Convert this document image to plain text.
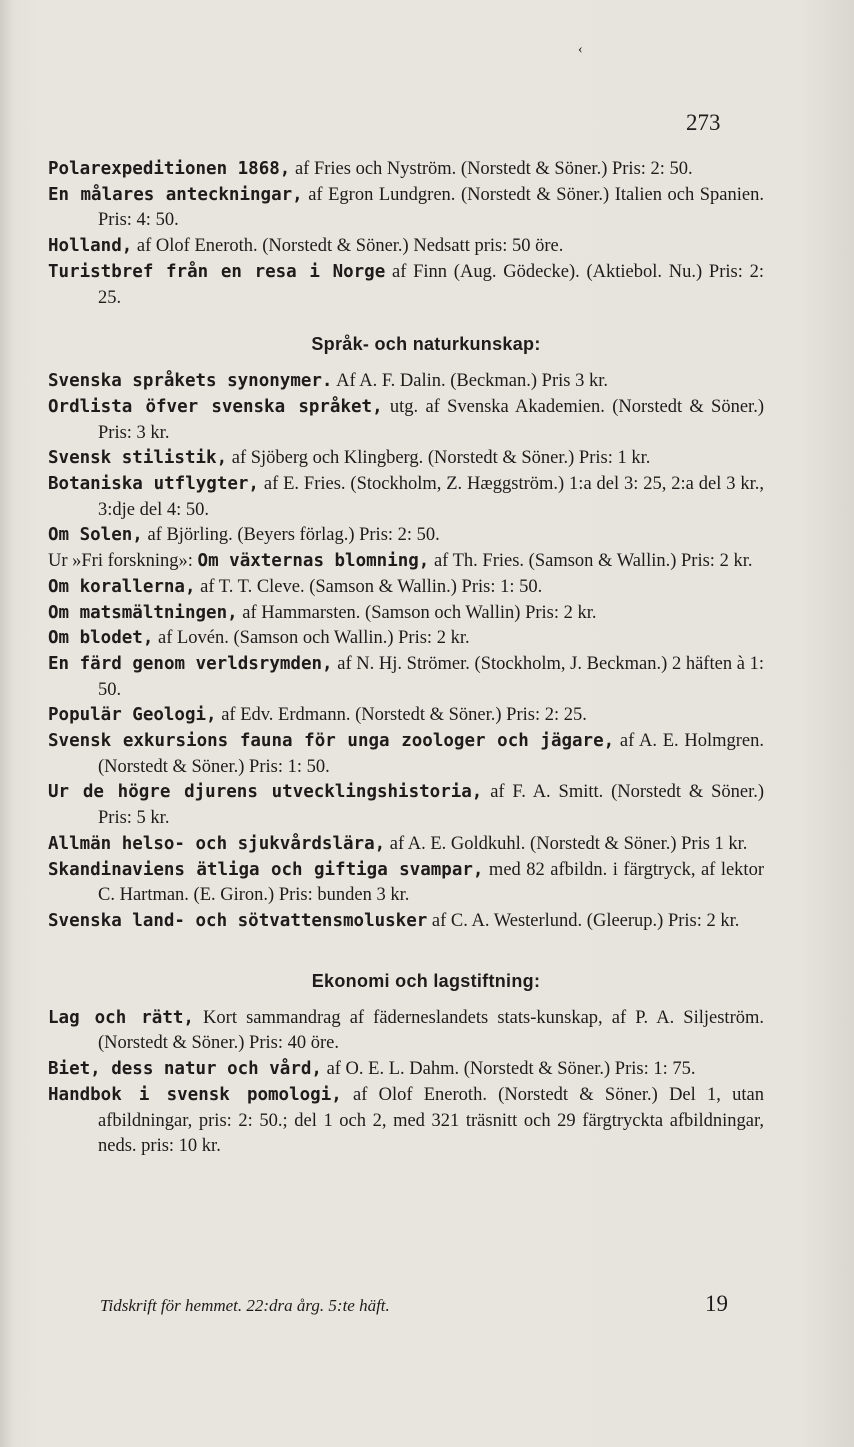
‹
273
Polarexpeditionen 1868, af Fries och Nyström. (Norstedt & Söner.) Pris: 2: 50.
En målares anteckningar, af Egron Lundgren. (Norstedt & Söner.) Italien och Spanien. Pris: 4: 50.
Holland, af Olof Eneroth. (Norstedt & Söner.) Nedsatt pris: 50 öre.
Turistbref från en resa i Norge af Finn (Aug. Gödecke). (Aktiebol. Nu.) Pris: 2: 25.
Språk- och naturkunskap:
Svenska språkets synonymer. Af A. F. Dalin. (Beckman.) Pris 3 kr.
Ordlista öfver svenska språket, utg. af Svenska Akademien. (Norstedt & Söner.) Pris: 3 kr.
Svensk stilistik, af Sjöberg och Klingberg. (Norstedt & Söner.) Pris: 1 kr.
Botaniska utflygter, af E. Fries. (Stockholm, Z. Hæggström.) 1:a del 3: 25, 2:a del 3 kr., 3:dje del 4: 50.
Om Solen, af Björling. (Beyers förlag.) Pris: 2: 50.
Ur »Fri forskning»: Om växternas blomning, af Th. Fries. (Samson & Wallin.) Pris: 2 kr.
Om korallerna, af T. T. Cleve. (Samson & Wallin.) Pris: 1: 50.
Om matsmältningen, af Hammarsten. (Samson och Wallin) Pris: 2 kr.
Om blodet, af Lovén. (Samson och Wallin.) Pris: 2 kr.
En färd genom verldsrymden, af N. Hj. Strömer. (Stockholm, J. Beckman.) 2 häften à 1: 50.
Populär Geologi, af Edv. Erdmann. (Norstedt & Söner.) Pris: 2: 25.
Svensk exkursions fauna för unga zoologer och jägare, af A. E. Holmgren. (Norstedt & Söner.) Pris: 1: 50.
Ur de högre djurens utvecklingshistoria, af F. A. Smitt. (Norstedt & Söner.) Pris: 5 kr.
Allmän helso- och sjukvårdslära, af A. E. Goldkuhl. (Norstedt & Söner.) Pris 1 kr.
Skandinaviens ätliga och giftiga svampar, med 82 afbildn. i färgtryck, af lektor C. Hartman. (E. Giron.) Pris: bunden 3 kr.
Svenska land- och sötvattensmolusker af C. A. Westerlund. (Gleerup.) Pris: 2 kr.
Ekonomi och lagstiftning:
Lag och rätt, Kort sammandrag af fäderneslandets stats-kunskap, af P. A. Siljeström. (Norstedt & Söner.) Pris: 40 öre.
Biet, dess natur och vård, af O. E. L. Dahm. (Norstedt & Söner.) Pris: 1: 75.
Handbok i svensk pomologi, af Olof Eneroth. (Norstedt & Söner.) Del 1, utan afbildningar, pris: 2: 50.; del 1 och 2, med 321 träsnitt och 29 färgtryckta afbildningar, neds. pris: 10 kr.
Tidskrift för hemmet. 22:dra årg. 5:te häft.	19
